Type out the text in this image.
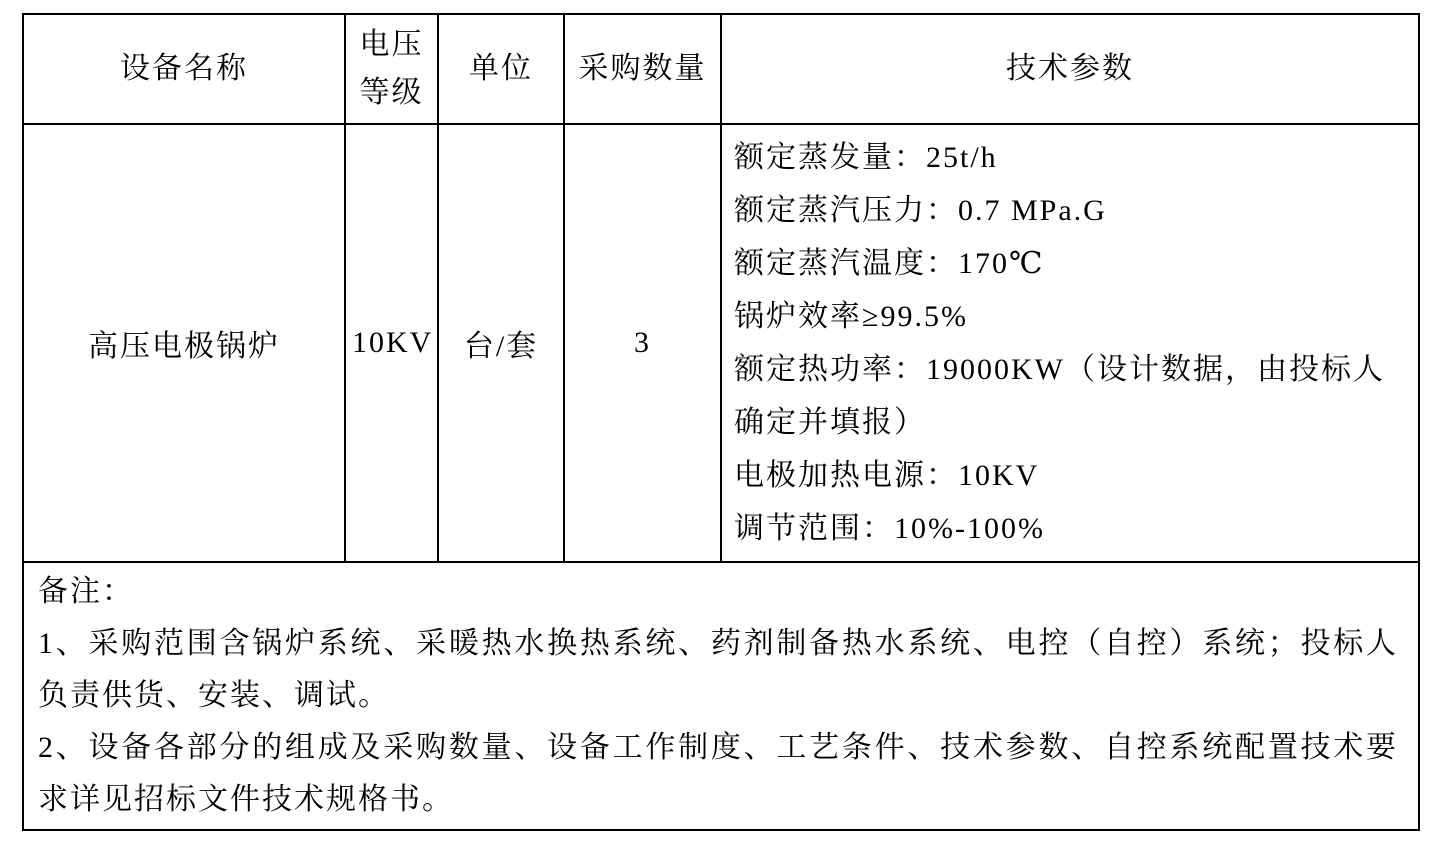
设备名称	电压等级	单位	采购数量	技术参数
高压电极锅炉	10KV	台/套	3	
额定蒸发量：25t/h
额定蒸汽压力：0.7 MPa.G
额定蒸汽温度：170℃
锅炉效率≥99.5%
额定热功率：19000KW（设计数据，由投标人确定并填报）
电极加热电源：10KV
调节范围：10%-100%

备注：
1、采购范围含锅炉系统、采暖热水换热系统、药剂制备热水系统、电控（自控）系统；投标人负责供货、安装、调试。
2、设备各部分的组成及采购数量、设备工作制度、工艺条件、技术参数、自控系统配置技术要求详见招标文件技术规格书。				
